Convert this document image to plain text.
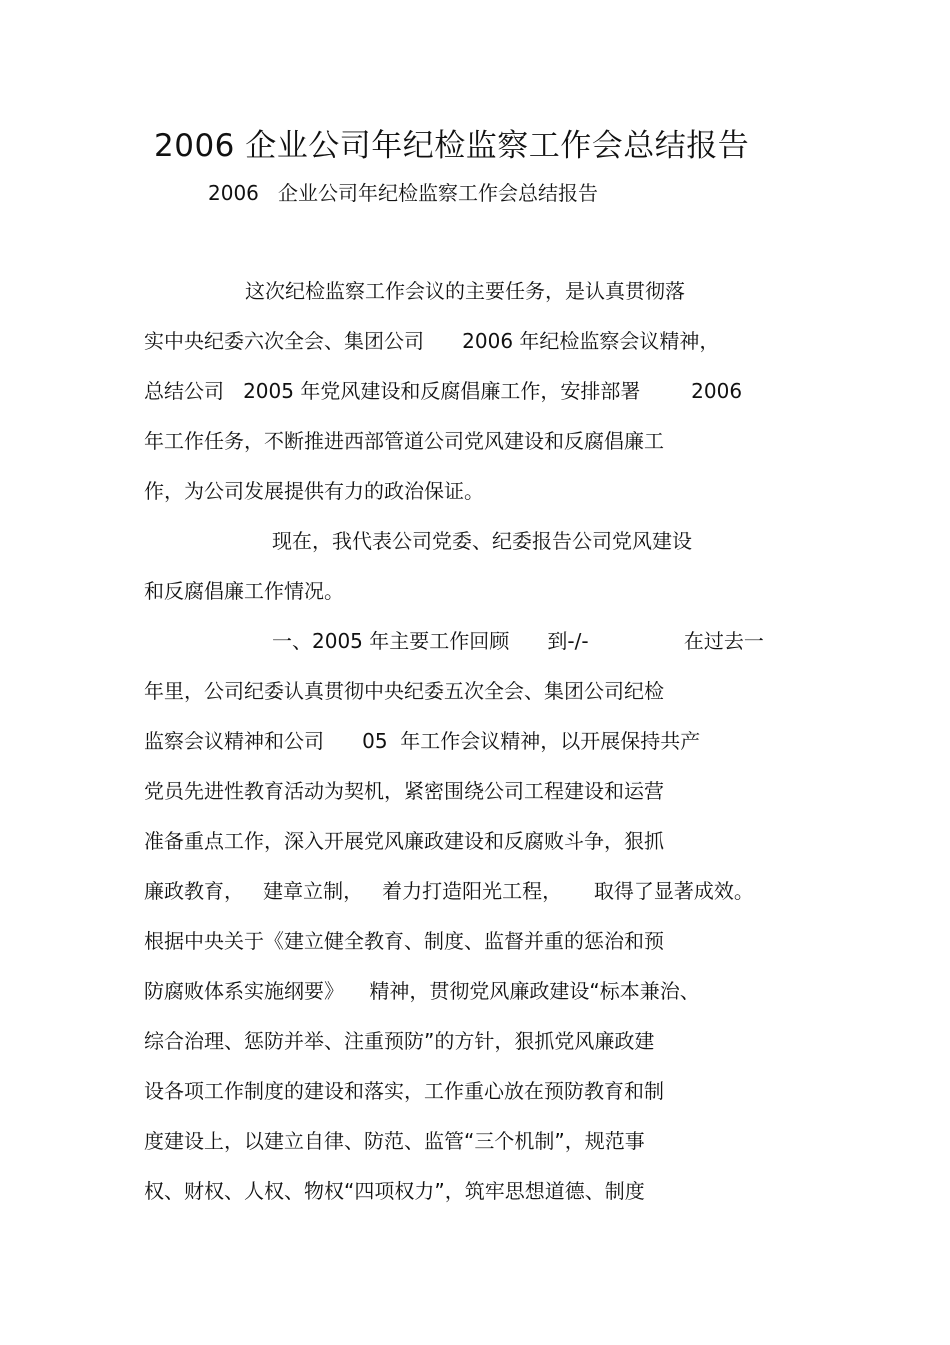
2006 企业公司年纪检监察工作会总结报告
2006   企业公司年纪检监察工作会总结报告
这次纪检监察工作会议的主要任务，是认真贯彻落
实中央纪委六次全会、集团公司      2006 年纪检监察会议精神，
总结公司   2005 年党风建设和反腐倡廉工作，安排部署        2006
年工作任务，不断推进西部管道公司党风建设和反腐倡廉工
作，为公司发展提供有力的政治保证。
现在，我代表公司党委、纪委报告公司党风建设
和反腐倡廉工作情况。
一、2005 年主要工作回顾      到-/-               在过去一
年里，公司纪委认真贯彻中央纪委五次全会、集团公司纪检
监察会议精神和公司      05  年工作会议精神，以开展保持共产
党员先进性教育活动为契机，紧密围绕公司工程建设和运营
准备重点工作，深入开展党风廉政建设和反腐败斗争，狠抓
廉政教育，   建章立制，   着力打造阳光工程，     取得了显著成效。
根据中央关于《建立健全教育、制度、监督并重的惩治和预
防腐败体系实施纲要》    精神，贯彻党风廉政建设“标本兼治、
综合治理、惩防并举、注重预防”的方针，狠抓党风廉政建
设各项工作制度的建设和落实，工作重心放在预防教育和制
度建设上，以建立自律、防范、监管“三个机制”，规范事
权、财权、人权、物权“四项权力”，筑牢思想道德、制度
